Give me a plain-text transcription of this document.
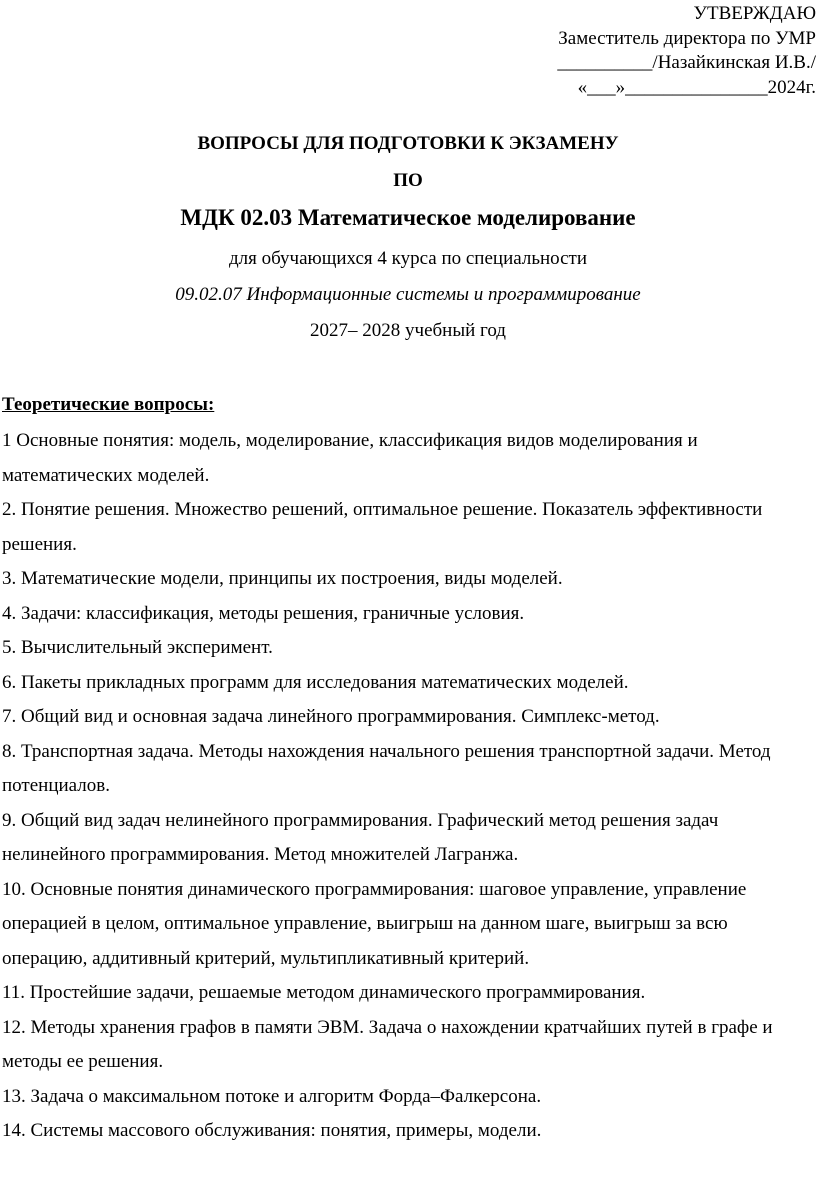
УТВЕРЖДАЮ
Заместитель директора по УМР
__________/Назайкинская И.В./
«___»_______________2024г.
ВОПРОСЫ ДЛЯ ПОДГОТОВКИ К ЭКЗАМЕНУ
ПО
МДК 02.03 Математическое моделирование
для обучающихся 4 курса по специальности
09.02.07 Информационные системы и программирование
2027– 2028 учебный год
Теоретические вопросы:
1 Основные понятия: модель, моделирование, классификация видов моделирования и математических моделей.
2. Понятие решения. Множество решений, оптимальное решение. Показатель эффективности решения.
3. Математические модели, принципы их построения, виды моделей.
4. Задачи: классификация, методы решения, граничные условия.
5. Вычислительный эксперимент.
6. Пакеты прикладных программ для исследования математических моделей.
7. Общий вид и основная задача линейного программирования. Симплекс-метод.
8. Транспортная задача. Методы нахождения начального решения транспортной задачи. Метод потенциалов.
9. Общий вид задач нелинейного программирования. Графический метод решения задач нелинейного программирования. Метод множителей Лагранжа.
10. Основные понятия динамического программирования: шаговое управление, управление операцией в целом, оптимальное управление, выигрыш на данном шаге, выигрыш за всю операцию, аддитивный критерий, мультипликативный критерий.
11. Простейшие задачи, решаемые методом динамического программирования.
12. Методы хранения графов в памяти ЭВМ. Задача о нахождении кратчайших путей в графе и методы ее решения.
13. Задача о максимальном потоке и алгоритм Форда–Фалкерсона.
14. Системы массового обслуживания: понятия, примеры, модели.
